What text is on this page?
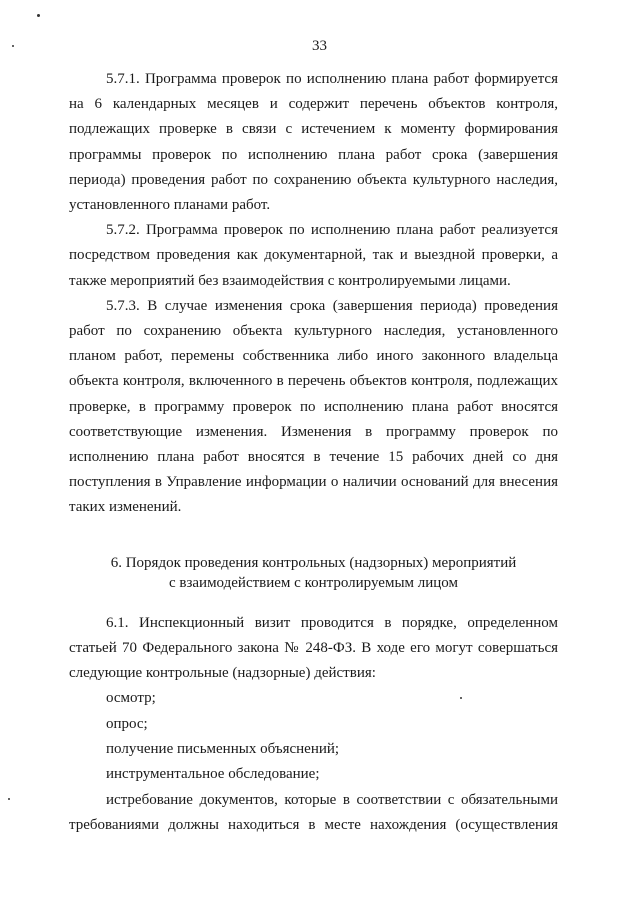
33

5.7.1. Программа проверок по исполнению плана работ формируется на 6 календарных месяцев и содержит перечень объектов контроля, подлежащих проверке в связи с истечением к моменту формирования программы проверок по исполнению плана работ срока (завершения периода) проведения работ по сохранению объекта культурного наследия, установленного планами работ.

5.7.2. Программа проверок по исполнению плана работ реализуется посредством проведения как документарной, так и выездной проверки, а также мероприятий без взаимодействия с контролируемыми лицами.

5.7.3. В случае изменения срока (завершения периода) проведения работ по сохранению объекта культурного наследия, установленного планом работ, перемены собственника либо иного законного владельца объекта контроля, включенного в перечень объектов контроля, подлежащих проверке, в программу проверок по исполнению плана работ вносятся соответствующие изменения. Изменения в программу проверок по исполнению плана работ вносятся в течение 15 рабочих дней со дня поступления в Управление информации о наличии оснований для внесения таких изменений.

6. Порядок проведения контрольных (надзорных) мероприятий

с взаимодействием с контролируемым лицом

6.1. Инспекционный визит проводится в порядке, определенном статьей 70 Федерального закона № 248-ФЗ. В ходе его могут совершаться следующие контрольные (надзорные) действия:

осмотр;

опрос;

получение письменных объяснений;

инструментальное обследование;

истребование документов, которые в соответствии с обязательными требованиями должны находиться в месте нахождения (осуществления
